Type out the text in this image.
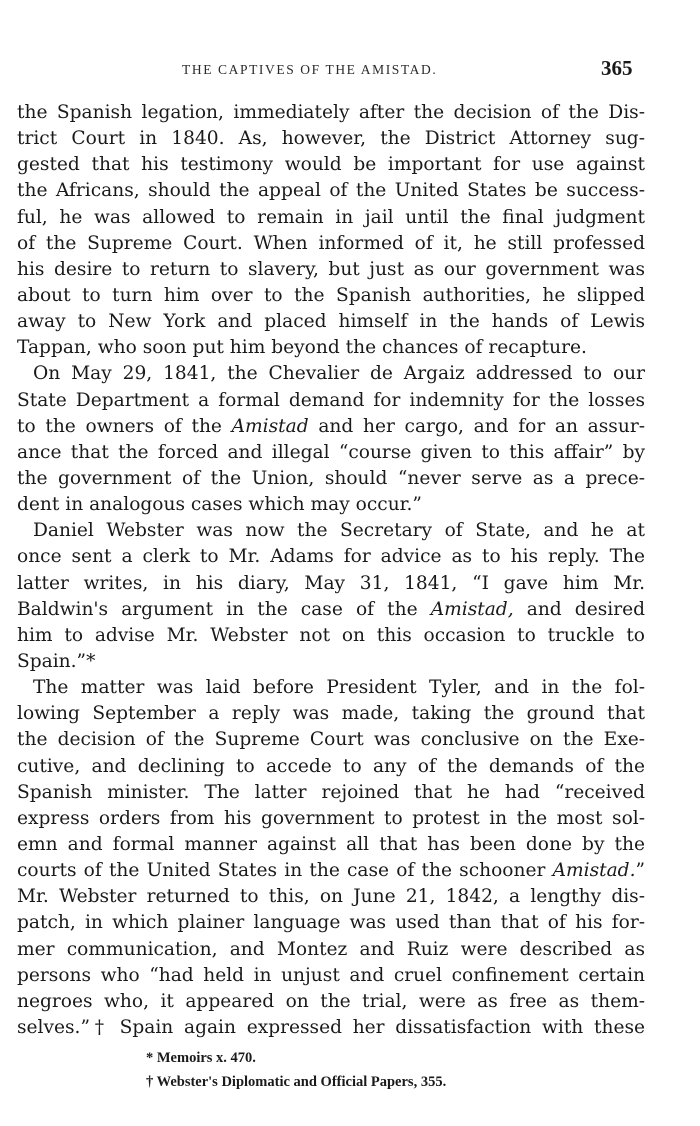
THE CAPTIVES OF THE AMISTAD.	365
the Spanish legation, immediately after the decision of the Dis-
trict Court in 1840. As, however, the District Attorney sug-
gested that his testimony would be important for use against
the Africans, should the appeal of the United States be success-
ful, he was allowed to remain in jail until the final judgment
of the Supreme Court. When informed of it, he still professed
his desire to return to slavery, but just as our government was
about to turn him over to the Spanish authorities, he slipped
away to New York and placed himself in the hands of Lewis
Tappan, who soon put him beyond the chances of recapture.
On May 29, 1841, the Chevalier de Argaiz addressed to our
State Department a formal demand for indemnity for the losses
to the owners of the Amistad and her cargo, and for an assur-
ance that the forced and illegal “course given to this affair” by
the government of the Union, should “never serve as a prece-
dent in analogous cases which may occur.”
Daniel Webster was now the Secretary of State, and he at
once sent a clerk to Mr. Adams for advice as to his reply. The
latter writes, in his diary, May 31, 1841, “I gave him Mr.
Baldwin's argument in the case of the Amistad, and desired
him to advise Mr. Webster not on this occasion to truckle to
Spain.”*
The matter was laid before President Tyler, and in the fol-
lowing September a reply was made, taking the ground that
the decision of the Supreme Court was conclusive on the Exe-
cutive, and declining to accede to any of the demands of the
Spanish minister. The latter rejoined that he had “received
express orders from his government to protest in the most sol-
emn and formal manner against all that has been done by the
courts of the United States in the case of the schooner Amistad.”
Mr. Webster returned to this, on June 21, 1842, a lengthy dis-
patch, in which plainer language was used than that of his for-
mer communication, and Montez and Ruiz were described as
persons who “had held in unjust and cruel confinement certain
negroes who, it appeared on the trial, were as free as them-
selves.”† Spain again expressed her dissatisfaction with these
* Memoirs x. 470.
† Webster's Diplomatic and Official Papers, 355.
